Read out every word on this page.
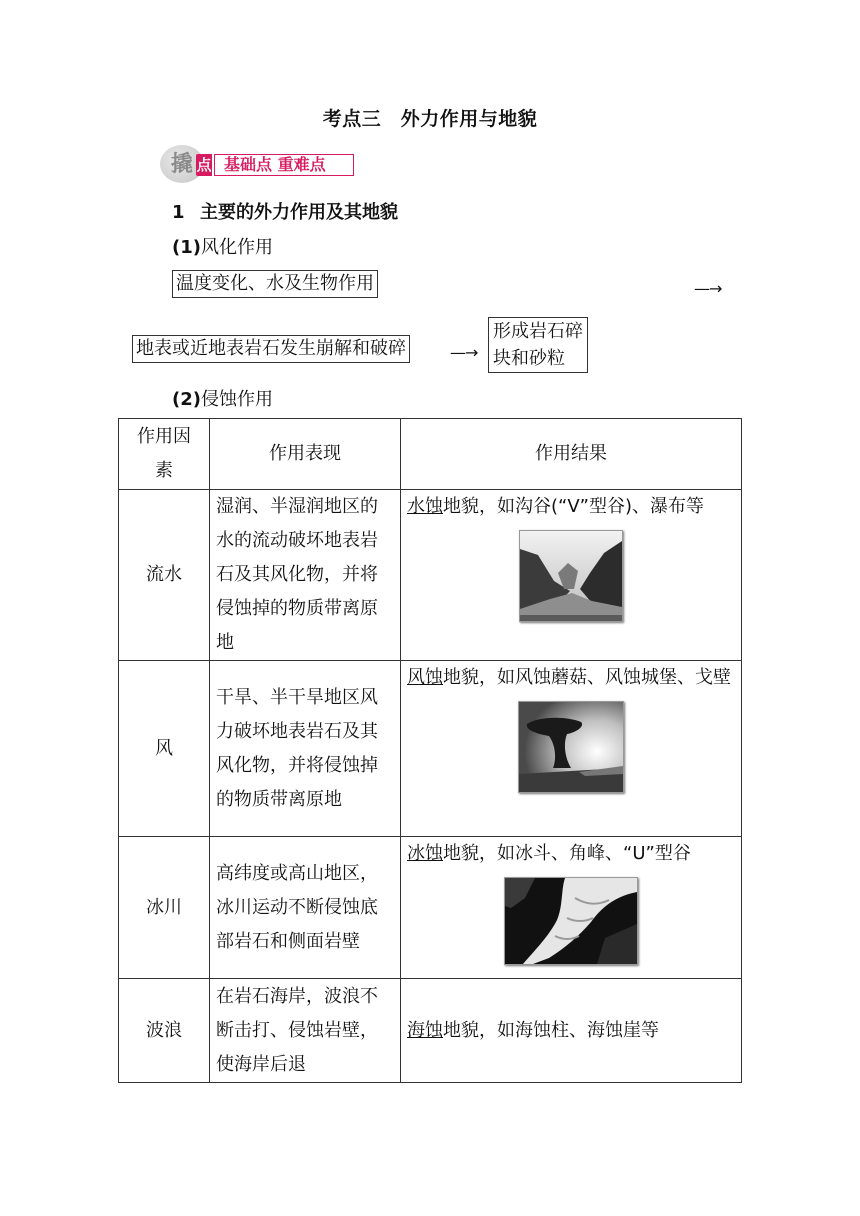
考点三　外力作用与地貌
撬 点 基础点 重难点
1 主要的外力作用及其地貌
(1)风化作用
温度变化、水及生物作用	—→
地表或近地表岩石发生崩解和破碎	—→
形成岩石碎
块和砂粒
(2)侵蚀作用
作用因
素	作用表现	作用结果
流水	湿润、半湿润地区的水的流动破坏地表岩石及其风化物，并将侵蚀掉的物质带离原地	水蚀地貌，如沟谷(“V”型谷)、瀑布等

风	干旱、半干旱地区风力破坏地表岩石及其风化物，并将侵蚀掉的物质带离原地	风蚀地貌，如风蚀蘑菇、风蚀城堡、戈壁

冰川	高纬度或高山地区，冰川运动不断侵蚀底部岩石和侧面岩壁	冰蚀地貌，如冰斗、角峰、“U”型谷

波浪	在岩石海岸，波浪不断击打、侵蚀岩壁，使海岸后退	海蚀地貌，如海蚀柱、海蚀崖等
